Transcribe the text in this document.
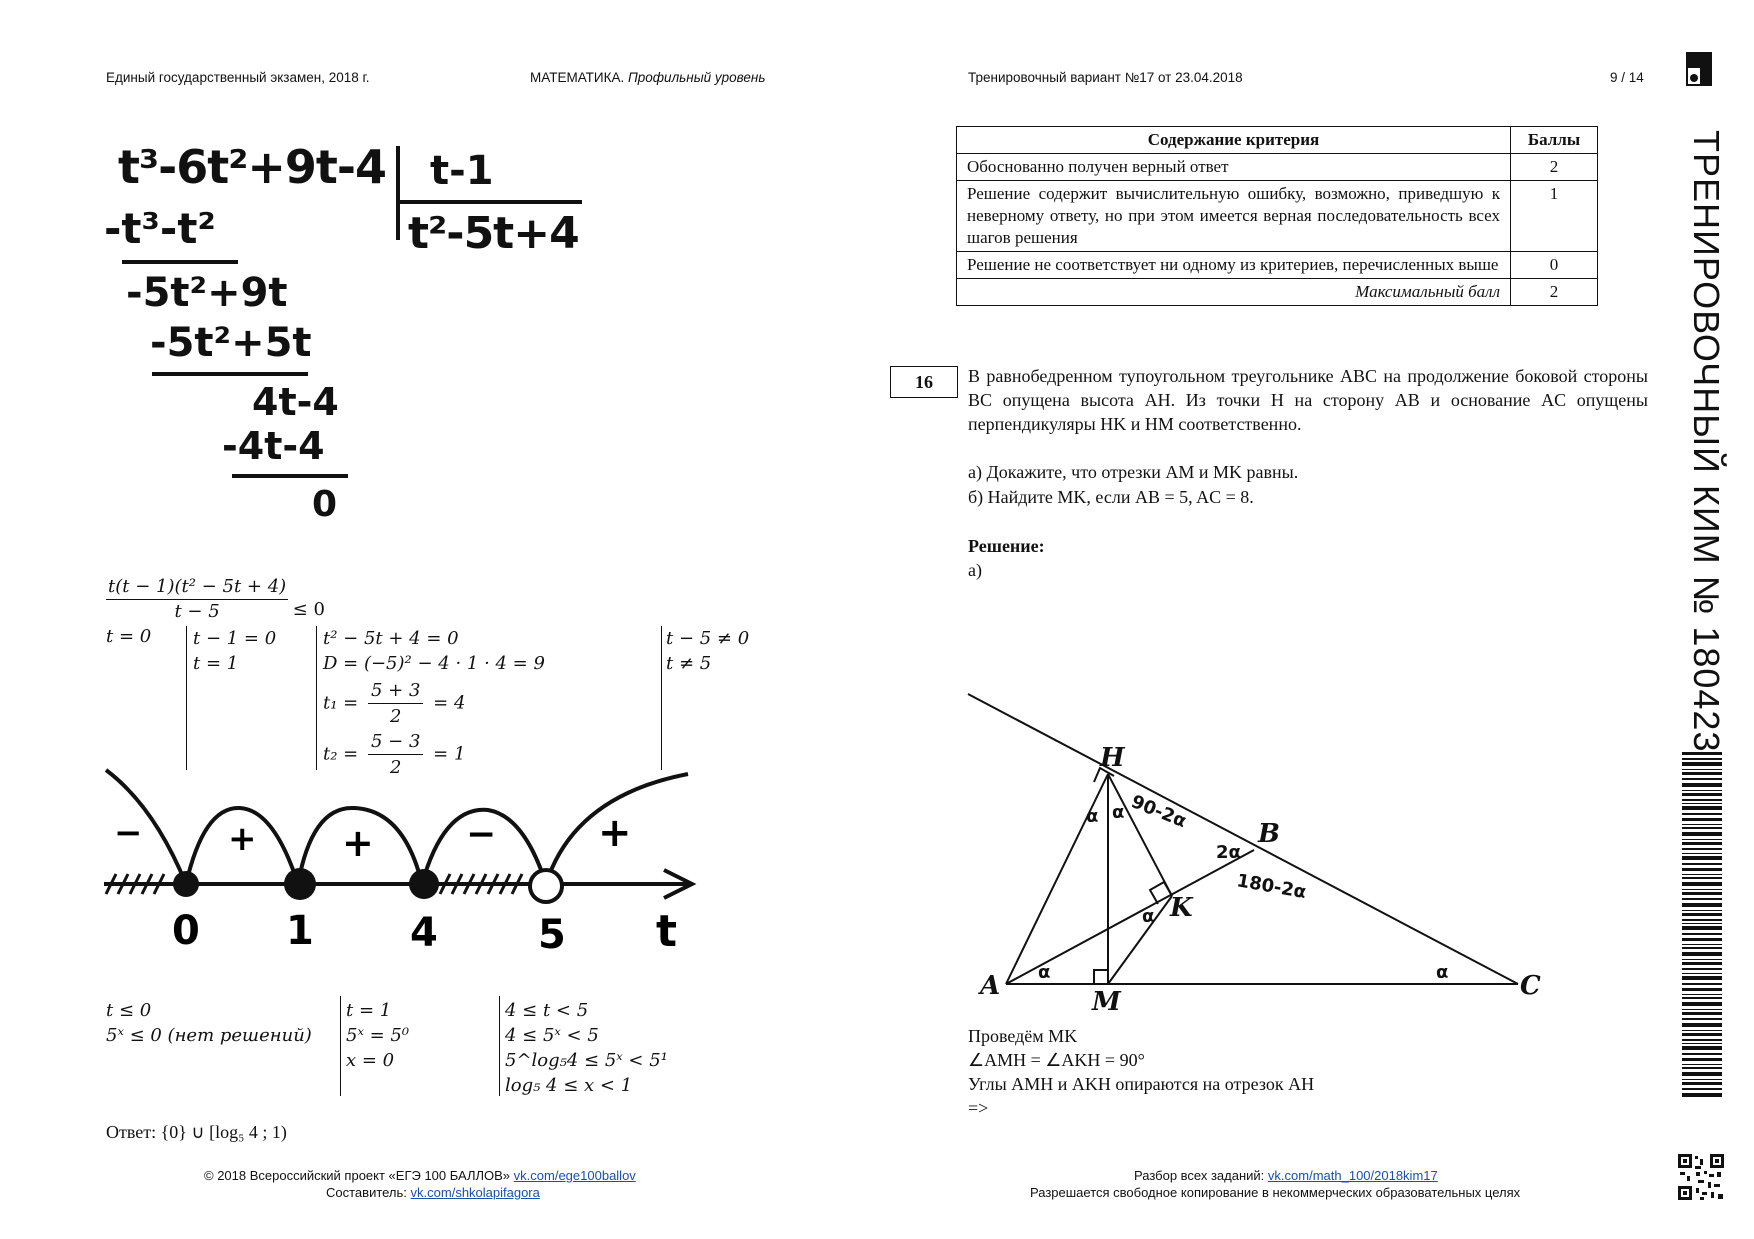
Единый государственный экзамен, 2018 г.	МАТЕМАТИКА. Профильный уровень	Тренировочный вариант №17 от 23.04.2018	9 / 14
ТРЕНИРОВОЧНЫЙ КИМ № 180423
t³-6t²+9t-4 t-1
t²-5t+4
-t³-t²
-5t²+9t
-5t²+5t
4t-4
-4t-4
0
$\frac{\text{t(t − 1)(t² − 5t + 4)}}{t - 5} \le 0$
t = 0 t − 1 = 0
t = 1
t² − 5t + 4 = 0
D = (−5)² − 4 · 1 · 4 = 9
$t_1 = \frac{5 + 3}{2} = 4$
$t_2 = \frac{5 - 3}{2} = 1$
t − 5 ≠ 0
t ≠ 5
−	+ +	−	+
0 1 4	5 t
t ≤ 0
5ˣ ≤ 0 (нет решений)
t = 1
5ˣ = 5⁰
x = 0
4 ≤ t < 5
4 ≤ 5ˣ < 5
5^log₅4 ≤ 5ˣ < 5¹
log₅ 4 ≤ x < 1
Ответ: {0} ∪ [log₅ 4 ; 1)
Содержание критерия	Баллы
Обоснованно получен верный ответ	2
Решение содержит вычислительную ошибку, возможно, приведшую к неверному ответу, но при этом имеется верная последовательность всех шагов решения	1
Решение не соответствует ни одному из критериев, перечисленных выше	0
Максимальный балл	2
16	В равнобедренном тупоугольном треугольнике ABC на продолжение боковой стороны BC опущена высота AH. Из точки H на сторону AB и основание AC опущены перпендикуляры HK и HM соответственно.
а) Докажите, что отрезки AM и MK равны.
б) Найдите MK, если AB = 5, AC = 8.
Решение:
а)
H
B
K
A
M
C
α α 90-2α
2α
180-2α
α
α	α
Проведём MK
∠AMH = ∠AKH = 90°
Углы AMH и AKH опираются на отрезок AH
=>
© 2018 Всероссийский проект «ЕГЭ 100 БАЛЛОВ» vk.com/ege100ballov
Составитель: vk.com/shkolapifagora
Разбор всех заданий: vk.com/math_100/2018kim17
Разрешается свободное копирование в некоммерческих образовательных целях
